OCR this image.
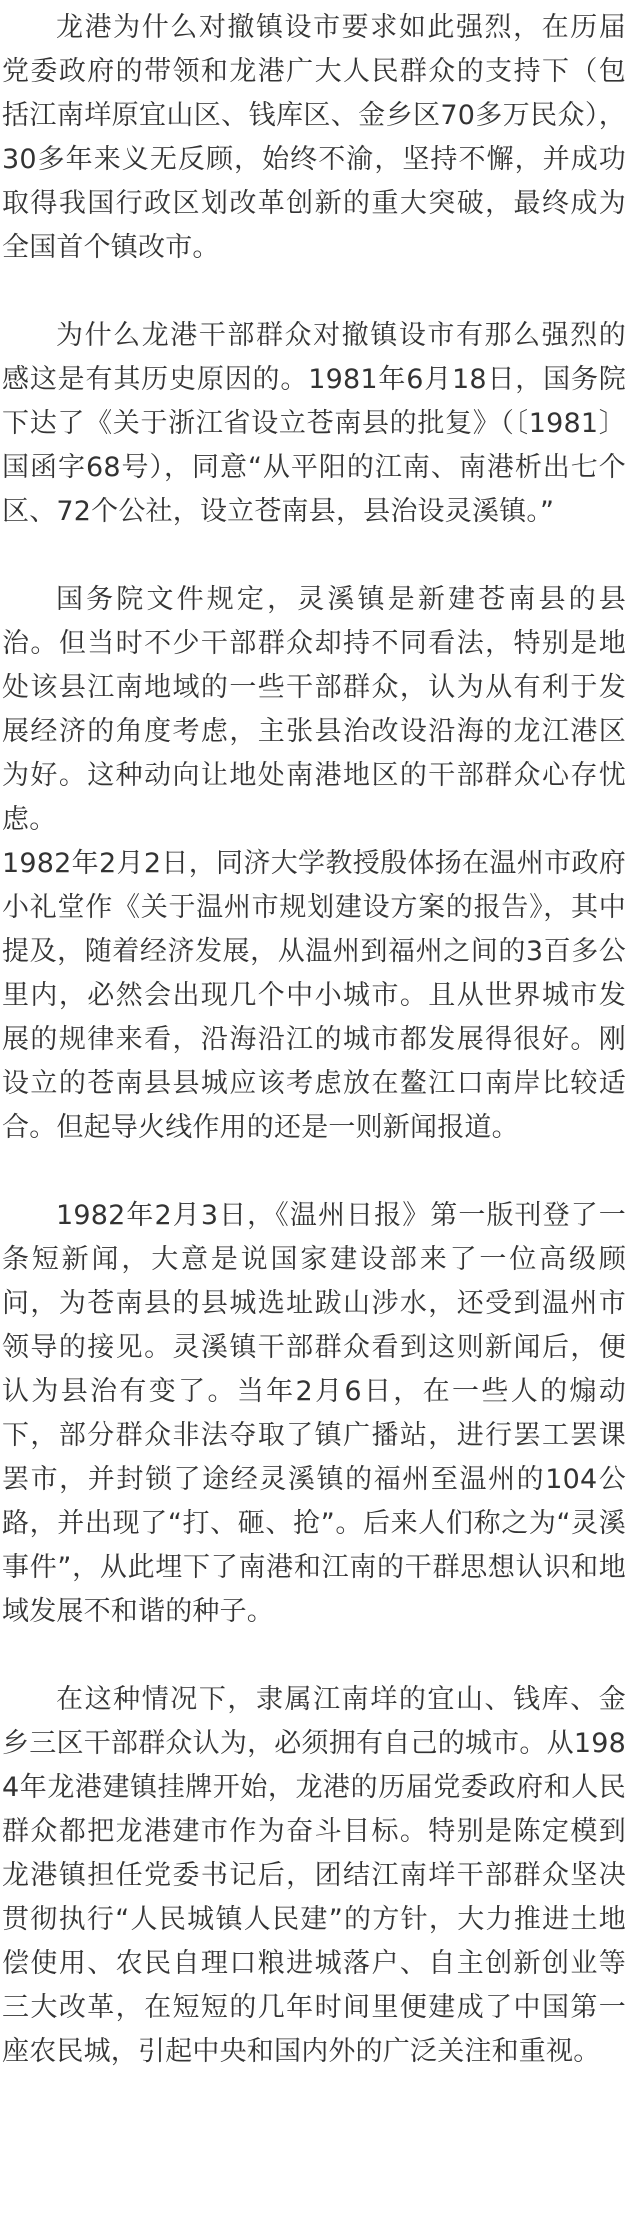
龙港为什么对撤镇设市要求如此强烈，在历届党委政府的带领和龙港广大人民群众的支持下（包括江南垟原宜山区、钱库区、金乡区70多万民众），30多年来义无反顾，始终不渝，坚持不懈，并成功取得我国行政区划改革创新的重大突破，最终成为全国首个镇改市。

为什么龙港干部群众对撤镇设市有那么强烈的感这是有其历史原因的。1981年6月18日，国务院下达了《关于浙江省设立苍南县的批复》（〔1981〕国函字68号），同意“从平阳的江南、南港析出七个区、72个公社，设立苍南县，县治设灵溪镇。”

国务院文件规定，灵溪镇是新建苍南县的县治。但当时不少干部群众却持不同看法，特别是地处该县江南地域的一些干部群众，认为从有利于发展经济的角度考虑，主张县治改设沿海的龙江港区为好。这种动向让地处南港地区的干部群众心存忧虑。

1982年2月2日，同济大学教授殷体扬在温州市政府小礼堂作《关于温州市规划建设方案的报告》，其中提及，随着经济发展，从温州到福州之间的3百多公里内，必然会出现几个中小城市。且从世界城市发展的规律来看，沿海沿江的城市都发展得很好。刚设立的苍南县县城应该考虑放在鳌江口南岸比较适合。但起导火线作用的还是一则新闻报道。

1982年2月3日，《温州日报》第一版刊登了一条短新闻，大意是说国家建设部来了一位高级顾问，为苍南县的县城选址跋山涉水，还受到温州市领导的接见。灵溪镇干部群众看到这则新闻后，便认为县治有变了。当年2月6日，在一些人的煽动下，部分群众非法夺取了镇广播站，进行罢工罢课罢市，并封锁了途经灵溪镇的福州至温州的104公路，并出现了“打、砸、抢”。后来人们称之为“灵溪事件”，从此埋下了南港和江南的干群思想认识和地域发展不和谐的种子。

在这种情况下，隶属江南垟的宜山、钱库、金乡三区干部群众认为，必须拥有自己的城市。从1984年龙港建镇挂牌开始，龙港的历届党委政府和人民群众都把龙港建市作为奋斗目标。特别是陈定模到龙港镇担任党委书记后，团结江南垟干部群众坚决贯彻执行“人民城镇人民建”的方针，大力推进土地偿使用、农民自理口粮进城落户、自主创新创业等三大改革，在短短的几年时间里便建成了中国第一座农民城，引起中央和国内外的广泛关注和重视。
